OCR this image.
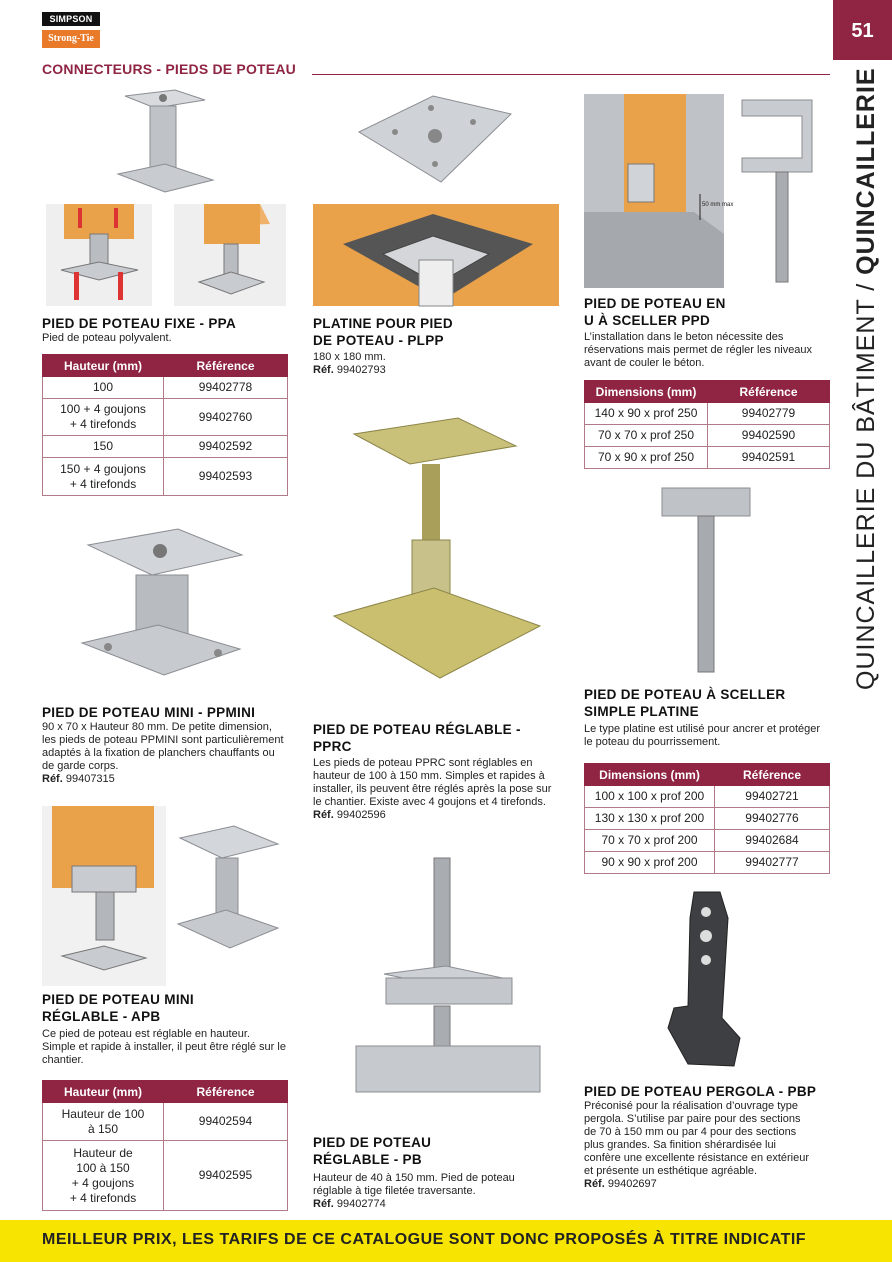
SIMPSON
Strong-Tie	51
CONNECTEURS - PIEDS DE POTEAU
QUINCAILLERIE DU BÂTIMENT / QUINCAILLERIE
PIED DE POTEAU FIXE - PPA
Pied de poteau polyvalent.
Hauteur (mm)	Référence
100	99402778
100 + 4 goujons
+ 4 tirefonds	99402760
150	99402592
150 + 4 goujons
+ 4 tirefonds	99402593
PIED DE POTEAU MINI - PPMINI
90 x 70 x Hauteur 80 mm. De petite dimension, les pieds de poteau PPMINI sont particulièrement adaptés à la fixation de planchers chauffants ou de garde corps.
Réf. 99407315
PIED DE POTEAU MINI
RÉGLABLE - APB
Ce pied de poteau est réglable en hauteur. Simple et rapide à installer, il peut être réglé sur le chantier.
Hauteur (mm)	Référence
Hauteur de 100
à 150	99402594
Hauteur de
100 à 150
+ 4 goujons
+ 4 tirefonds	99402595
PLATINE POUR PIED
DE POTEAU - PLPP
180 x 180 mm.
Réf. 99402793
PIED DE POTEAU RÉGLABLE -
PPRC
Les pieds de poteau PPRC sont réglables en hauteur de 100 à 150 mm. Simples et rapides à installer, ils peuvent être réglés après la pose sur le chantier. Existe avec 4 goujons et 4 tirefonds.
Réf. 99402596
PIED DE POTEAU
RÉGLABLE - PB
Hauteur de 40 à 150 mm. Pied de poteau réglable à tige filetée traversante.
Réf. 99402774
50 mm max
PIED DE POTEAU EN
U À SCELLER PPD
L’installation dans le beton nécessite des réservations mais permet de régler les niveaux avant de couler le béton.
Dimensions (mm)	Référence
140 x 90 x prof 250	99402779
70 x 70 x prof 250	99402590
70 x 90 x prof 250	99402591
PIED DE POTEAU À SCELLER
SIMPLE PLATINE
Le type platine est utilisé pour ancrer et protéger le poteau du pourrissement.
Dimensions (mm)	Référence
100 x 100 x prof 200	99402721
130 x 130 x prof 200	99402776
70 x 70 x prof 200	99402684
90 x 90 x prof 200	99402777
PIED DE POTEAU PERGOLA - PBP
Préconisé pour la réalisation d’ouvrage type pergola. S’utilise par paire pour des sections de 70 à 150 mm ou par 4 pour des sections plus grandes. Sa finition shérardisée lui confère une excellente résistance en extérieur et présente un esthétique agréable.
Réf. 99402697
MEILLEUR PRIX, LES TARIFS DE CE CATALOGUE SONT DONC PROPOSÉS À TITRE INDICATIF
